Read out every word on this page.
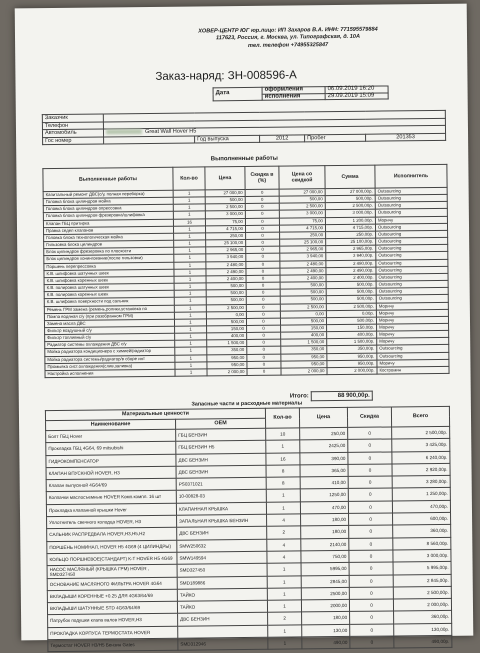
ХОВЕР-ЦЕНТР ЮГ юр.лицо: ИП Захаров В.А. ИНН: 771595579884
117623, Россия, г. Москва, ул. Типографская, д. 10А
тел. телефон +74955325847
Заказ-наряд: ЗН-008596-А
Дата	оформления	06.09.2019 16:20
	исполнения	29.09.2019 15:09
Заказчик					
Телефон					
Автомобиль	Great Wall Hover H5				
Гос номер		Год выпуска	2012	Пробег	201353
Выполненные работы
Выполненные работы	Кол-во	Цена	Скидка в (%)	Цена со скидкой	Сумма	Исполнитель
Капитальный ремонт ДВС(с/у, полная переборка)	1	27 000,00	0	27 000,00	27 000,00р.	Outsourcing
Головка блока цилиндров мойка	1	500,00	0	500,00	500,00р.	Outsourcing
Головка блока цилиндров опрессовка	1	2 500,00	0	2 500,00	2 500,00р.	Outsourcing
Головка блока цилиндров фрезеровка/шлифовка	1	3 000,00	0	3 000,00	3 000,00р.	Outsourcing
Клапан ГБЦ притирка	16	75,00	0	75,00	1 200,00р.	Моричу
Правка седел клапанов	1	4 715,00	0	4 715,00	4 715,00р.	Outsourcing
Головка блока технологическая мойка	1	250,00	0	250,00	250,00р.	Outsourcing
Гильзовка блока цилиндров	1	25 100,00	0	25 100,00	25 100,00р.	Outsourcing
Блок цилиндров фрезеровка по плоскости	1	2 965,00	0	2 965,00	2 965,00р.	Outsourcing
Блок цилиндров хонингование(после гильзовки)	1	3 940,00	0	3 940,00	3 940,00р.	Outsourcing
Поршень перепрессовка	1	2 480,00	0	2 480,00	2 480,00р.	Outsourcing
К.В. шлифовка шатунных шеек	1	2 490,00	0	2 490,00	2 490,00р.	Outsourcing
К.В. шлифовка коренных шеек	1	2 400,00	0	2 400,00	2 400,00р.	Outsourcing
К.В. полировка шатунных шеек	1	500,00	0	500,00	500,00р.	Outsourcing
К.В. полировка коренных шеек	1	500,00	0	500,00	500,00р.	Outsourcing
К.В. шлифовка поверхности под сальник	1	500,00	0	500,00	500,00р.	Outsourcing
Ремень ГРМ замена (ремень,ролики,установка по	1	2 500,00	0	2 500,00	2 500,00р.	Моричу
Помпа водяная с/у (при разобранном ГРМ)	1	0,00	0	0,00	0,00р.	Моричу
Замена масла ДВС	1	500,00	0	500,00	500,00р.	Моричу
Фильтр воздушный с/у	1	150,00	0	150,00	150,00р.	Моричу
Фильтр топливный с/у	1	400,00	0	400,00	400,00р.	Моричу
Радиатор системы охлаждения ДВС с/у	1	1 500,00	0	1 500,00	1 500,00р.	Моричу
Мойка радиатора кондиционера с химией/радиатор	1	350,00	0	350,00	350,00р.	Outsourcing
Мойка радиатора системы/радиатор/в сборе инт	1	950,00	0	950,00	950,00р.	Outsourcing
Промывка сист.охлаждения(слив,заливка)	1	950,00	0	950,00	950,00р.	Моричу
Настройка исполнения	1	2 000,00	0	2 000,00	2 000,00р.	Костромин
Итого:	88 900,00р.
Запасные части и расходные материалы
Материальные ценности		Кол-во	Цена	Скидка	Всего
Наименование	OEM				
Болт ГБЦ Hover	ГБЦ БЕНЗИН	10	250,00	0	2 500,00р.
Прокладка ГБЦ 4G64, 69 mitsubishi	ГБЦ БЕНЗИН Н5	1	2425,00	0	3 425,00р.
ГИДРОКОМПЕНСАТОР	ДВС БЕНЗИН	16	390,00	0	6 240,00р.
КЛАПАН ВПУСКНОЙ HOVER, H3	ДВС БЕНЗИН	8	365,00	0	2 920,00р.
Клапан выпускной 4G64/69	PS0371021	8	410,00	0	3 280,00р.
Колпачки маслосъемные HOVER Комп.компл. 16 шт	10-00828-03	1	1250,00	0	1 250,00р.
Прокладка клапанной крышки Hover	КЛАПАННАЯ КРЫШКА	1	470,00	0	470,00р.
Уплотнитель свечного колодца HOVER, H3	ЗАПАЛЬНАЯ КРЫШКА БЕНЗИН	4	180,00	0	600,00р.
САЛЬНИК РАСПРЕДВАЛА HOVER,H3,H5,H2	ДВС БЕНЗИН	2	180,00	0	360,00р.
ПОРШЕНЬ НОМИНАЛ, HOVER Н5 4G69 (4 ЦИЛИНДРЫ)	SMW250632	4	2140,00	0	8 560,00р.
КОЛЬЦО ПОРШНЕВОЕ(СТАНДАРТ) К-Т HOVER Н5 4G69	SMW149594	4	750,00	0	3 000,00р.
НАСОС МАСЛЯНЫЙ (КРЫШКА ГРМ) HOVER , SMD327450	SMD327450	1	5995,00	0	5 995,00р.
ОСНОВАНИЕ МАСЛЯНОГО ФИЛЬТРА HOVER 4G64	SMD189886	1	2845,00	0	2 845,00р.
ВКЛАДЫШИ КОРЕННЫЕ +0.25 ДЛЯ 4G63/64/69	ТАЙКО	1	2500,00	0	2 500,00р.
ВКЛАДЫШИ ШАТУННЫЕ STD 4G63/64/69	ТАЙКО	1	2000,00	0	2 000,00р.
Патрубок подушки клапа валов HOVER,H3	ДВС БЕНЗИН	2	180,00	0	360,00р.
ПРОКЛАДКА КОРПУСА ТЕРМОСТАТА HOVER		1	130,00	0	130,00р.
Термостат HOVER H3/Н5 Бензин Gates	SMD312946	1	490,00	0	490,00р.
